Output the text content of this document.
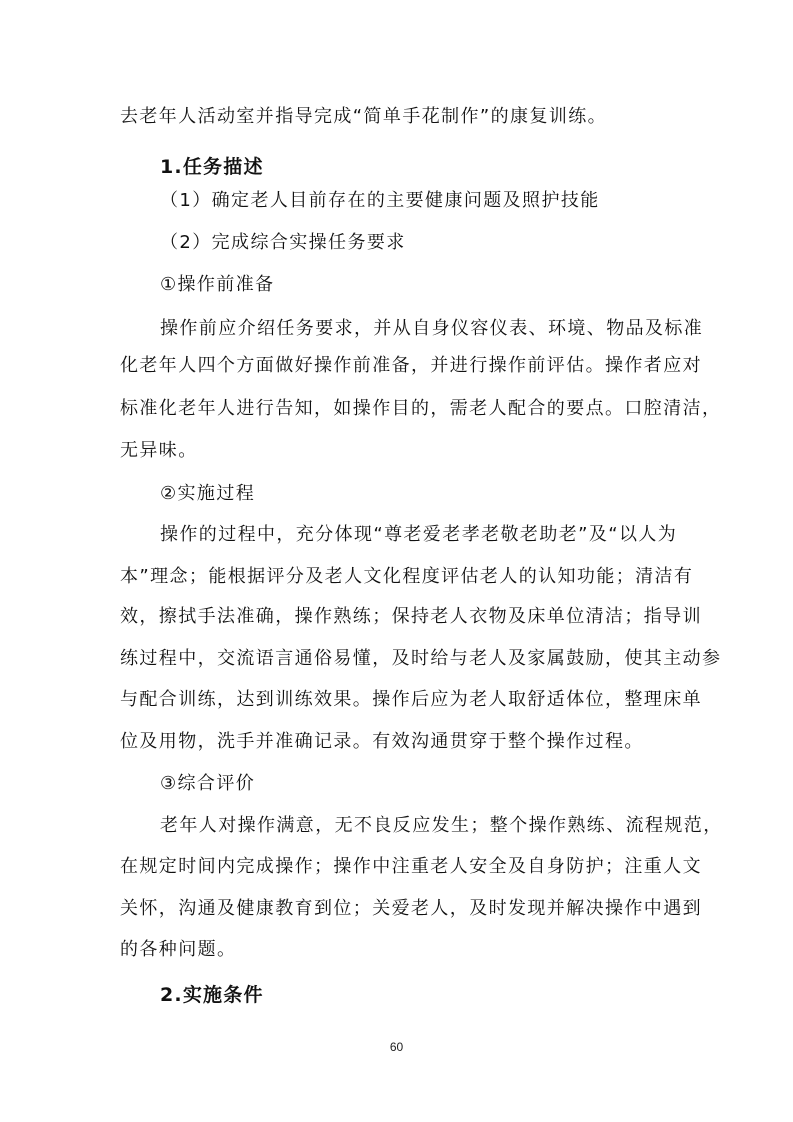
去老年人活动室并指导完成“简单手花制作”的康复训练。
1.任务描述
（1）确定老人目前存在的主要健康问题及照护技能
（2）完成综合实操任务要求
①操作前准备
操作前应介绍任务要求，并从自身仪容仪表、环境、物品及标准
化老年人四个方面做好操作前准备，并进行操作前评估。操作者应对
标准化老年人进行告知，如操作目的，需老人配合的要点。口腔清洁，
无异味。
②实施过程
操作的过程中，充分体现“尊老爱老孝老敬老助老”及“以人为
本”理念；能根据评分及老人文化程度评估老人的认知功能；清洁有
效，擦拭手法准确，操作熟练；保持老人衣物及床单位清洁；指导训
练过程中，交流语言通俗易懂，及时给与老人及家属鼓励，使其主动参
与配合训练，达到训练效果。操作后应为老人取舒适体位，整理床单
位及用物，洗手并准确记录。有效沟通贯穿于整个操作过程。
③综合评价
老年人对操作满意，无不良反应发生；整个操作熟练、流程规范，
在规定时间内完成操作；操作中注重老人安全及自身防护；注重人文
关怀，沟通及健康教育到位；关爱老人，及时发现并解决操作中遇到
的各种问题。
2.实施条件
60
